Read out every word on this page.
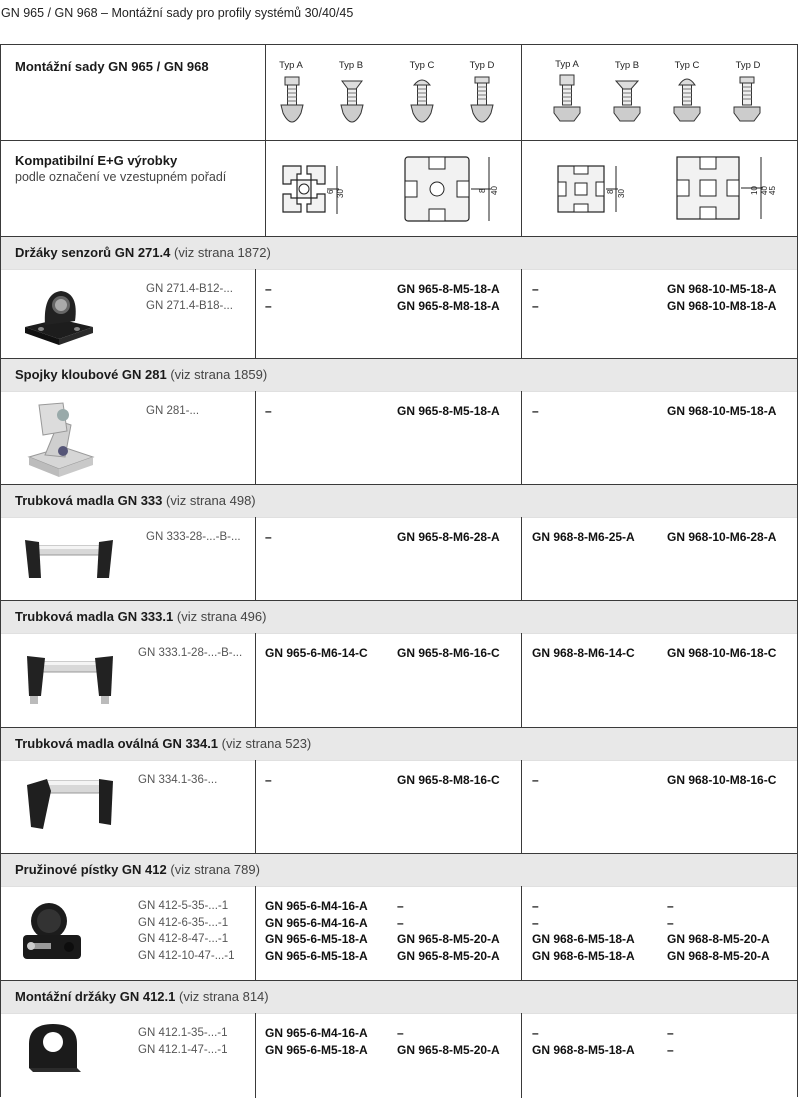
GN 965 / GN 968 – Montážní sady pro profily systémů 30/40/45
Montážní sady GN 965 / GN 968
Kompatibilní E+G výrobky
podle označení ve vzestupném pořadí
Typ A	Typ B	Typ C	Typ D	Typ A	Typ B	Typ C	Typ D
30
6	40
8	30
8	40 45
10
Držáky senzorů GN 271.4 (viz strana 1872)
GN 271.4-B12-...	–	GN 965-8-M5-18-A	–	GN 968-10-M5-18-A
GN 271.4-B18-...	–	GN 965-8-M8-18-A	–	GN 968-10-M8-18-A
Spojky kloubové GN 281 (viz strana 1859)
GN 281-...	–	GN 965-8-M5-18-A	–	GN 968-10-M5-18-A
Trubková madla GN 333 (viz strana 498)
GN 333-28-...-B-... –	GN 965-8-M6-28-A	GN 968-8-M6-25-A	GN 968-10-M6-28-A
Trubková madla GN 333.1 (viz strana 496)
GN 333.1-28-...-B-... GN 965-6-M6-14-C GN 965-8-M6-16-C	GN 968-8-M6-14-C	GN 968-10-M6-18-C
Trubková madla oválná GN 334.1 (viz strana 523)
GN 334.1-36-...	–	GN 965-8-M8-16-C	–	GN 968-10-M8-16-C
Pružinové pístky GN 412 (viz strana 789)
GN 412-5-35-...-1	GN 965-6-M4-16-A –	–	–
GN 412-6-35-...-1	GN 965-6-M4-16-A –	–	–
GN 412-8-47-...-1	GN 965-6-M5-18-A GN 965-8-M5-20-A	GN 968-6-M5-18-A	GN 968-8-M5-20-A
GN 412-10-47-...-1	GN 965-6-M5-18-A GN 965-8-M5-20-A	GN 968-6-M5-18-A	GN 968-8-M5-20-A
Montážní držáky GN 412.1 (viz strana 814)
GN 412.1-35-...-1	GN 965-6-M4-16-A –	–	–
GN 412.1-47-...-1	GN 965-6-M5-18-A GN 965-8-M5-20-A	GN 968-8-M5-18-A	–
